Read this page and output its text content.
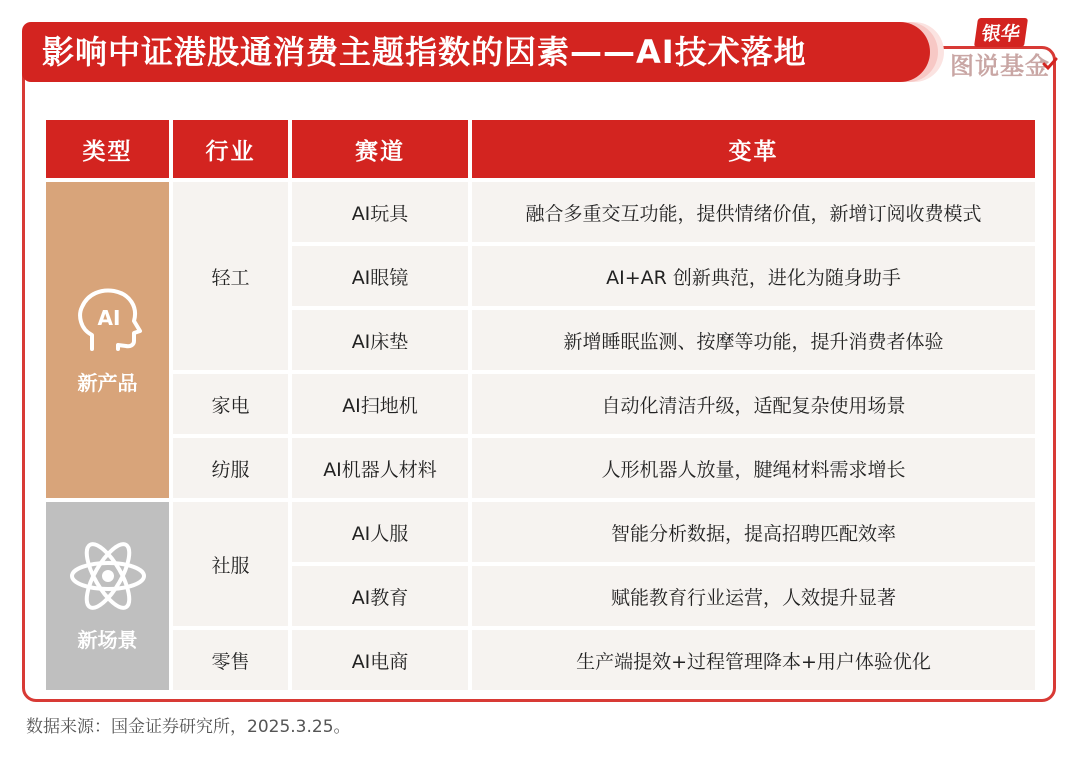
影响中证港股通消费主题指数的因素——AI技术落地	银华
图说基金
类型	行业	赛道	变革

AI
新产品	轻工	AI玩具	融合多重交互功能，提供情绪价值，新增订阅收费模式
		AI眼镜	AI+AR 创新典范，进化为随身助手
		AI床垫	新增睡眠监测、按摩等功能，提升消费者体验
	家电	AI扫地机	自动化清洁升级，适配复杂使用场景
	纺服	AI机器人材料	人形机器人放量，腱绳材料需求增长

新场景	社服	AI人服	智能分析数据，提高招聘匹配效率
		AI教育	赋能教育行业运营，人效提升显著
	零售	AI电商	生产端提效+过程管理降本+用户体验优化
数据来源：国金证券研究所，2025.3.25。
